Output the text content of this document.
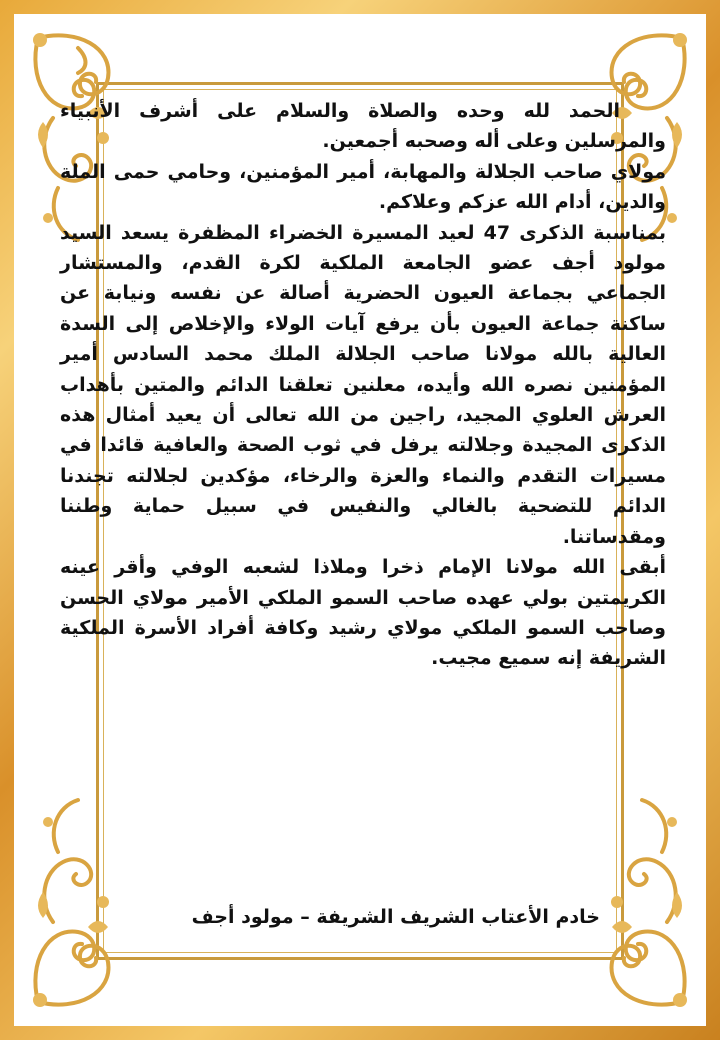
الحمد لله وحده والصلاة والسلام على أشرف الأنبياء والمرسلين وعلى أله وصحبه أجمعين.

مولاي صاحب الجلالة والمهابة، أمير المؤمنين، وحامي حمى الملة والدين، أدام الله عزكم وعلاكم.

بمناسبة الذكرى 47 لعيد المسيرة الخضراء المظفرة يسعد السيد مولود أجف عضو الجامعة الملكية لكرة القدم، والمستشار الجماعي بجماعة العيون الحضرية أصالة عن نفسه ونيابة عن ساكنة جماعة العيون بأن يرفع آيات الولاء والإخلاص إلى السدة العالية بالله مولانا صاحب الجلالة الملك محمد السادس أمير المؤمنين نصره الله وأيده، معلنين تعلقنا الدائم والمتين بأهداب العرش العلوي المجيد، راجين من الله تعالى أن يعيد أمثال هذه الذكرى المجيدة وجلالته يرفل في ثوب الصحة والعافية قائدا في مسيرات التقدم والنماء والعزة والرخاء، مؤكدين لجلالته تجندنا الدائم للتضحية بالغالي والنفيس في سبيل حماية وطننا ومقدساتنا.

أبقى الله مولانا الإمام ذخرا وملاذا لشعبه الوفي وأقر عينه الكريمتين بولي عهده صاحب السمو الملكي الأمير مولاي الحسن وصاحب السمو الملكي مولاي رشيد وكافة أفراد الأسرة الملكية الشريفة إنه سميع مجيب.

خادم الأعتاب الشريف الشريفة – مولود أجف
